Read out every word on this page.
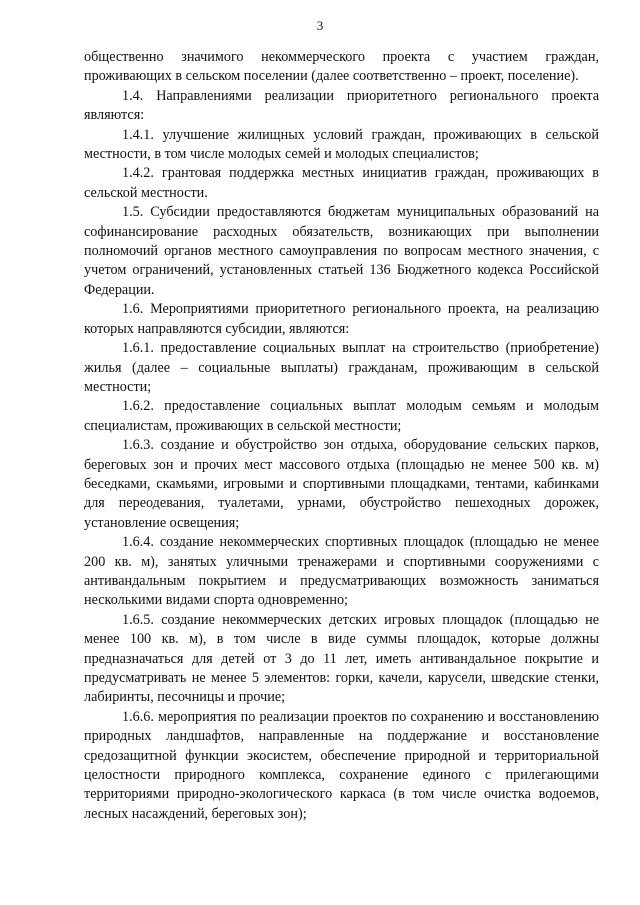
3

общественно значимого некоммерческого проекта с участием граждан, проживающих в сельском поселении (далее соответственно – проект, поселение).

1.4. Направлениями реализации приоритетного регионального проекта являются:

1.4.1. улучшение жилищных условий граждан, проживающих в сельской местности, в том числе молодых семей и молодых специалистов;

1.4.2. грантовая поддержка местных инициатив граждан, проживающих в сельской местности.

1.5. Субсидии предоставляются бюджетам муниципальных образований на софинансирование расходных обязательств, возникающих при выполнении полномочий органов местного самоуправления по вопросам местного значения, с учетом ограничений, установленных статьей 136 Бюджетного кодекса Российской Федерации.

1.6. Мероприятиями приоритетного регионального проекта, на реализацию которых направляются субсидии, являются:

1.6.1. предоставление социальных выплат на строительство (приобретение) жилья (далее – социальные выплаты) гражданам, проживающим в сельской местности;

1.6.2. предоставление социальных выплат молодым семьям и молодым специалистам, проживающих в сельской местности;

1.6.3. создание и обустройство зон отдыха, оборудование сельских парков, береговых зон и прочих мест массового отдыха (площадью не менее 500 кв. м) беседками, скамьями, игровыми и спортивными площадками, тентами, кабинками для переодевания, туалетами, урнами, обустройство пешеходных дорожек, установление освещения;

1.6.4. создание некоммерческих спортивных площадок (площадью не менее 200 кв. м), занятых уличными тренажерами и спортивными сооружениями с антивандальным покрытием и предусматривающих возможность заниматься несколькими видами спорта одновременно;

1.6.5. создание некоммерческих детских игровых площадок (площадью не менее 100 кв. м), в том числе в виде суммы площадок, которые должны предназначаться для детей от 3 до 11 лет, иметь антивандальное покрытие и предусматривать не менее 5 элементов: горки, качели, карусели, шведские стенки, лабиринты, песочницы и прочие;

1.6.6. мероприятия по реализации проектов по сохранению и восстановлению природных ландшафтов, направленные на поддержание и восстановление средозащитной функции экосистем, обеспечение природной и территориальной целостности природного комплекса, сохранение единого с прилегающими территориями природно-экологического каркаса (в том числе очистка водоемов, лесных насаждений, береговых зон);
